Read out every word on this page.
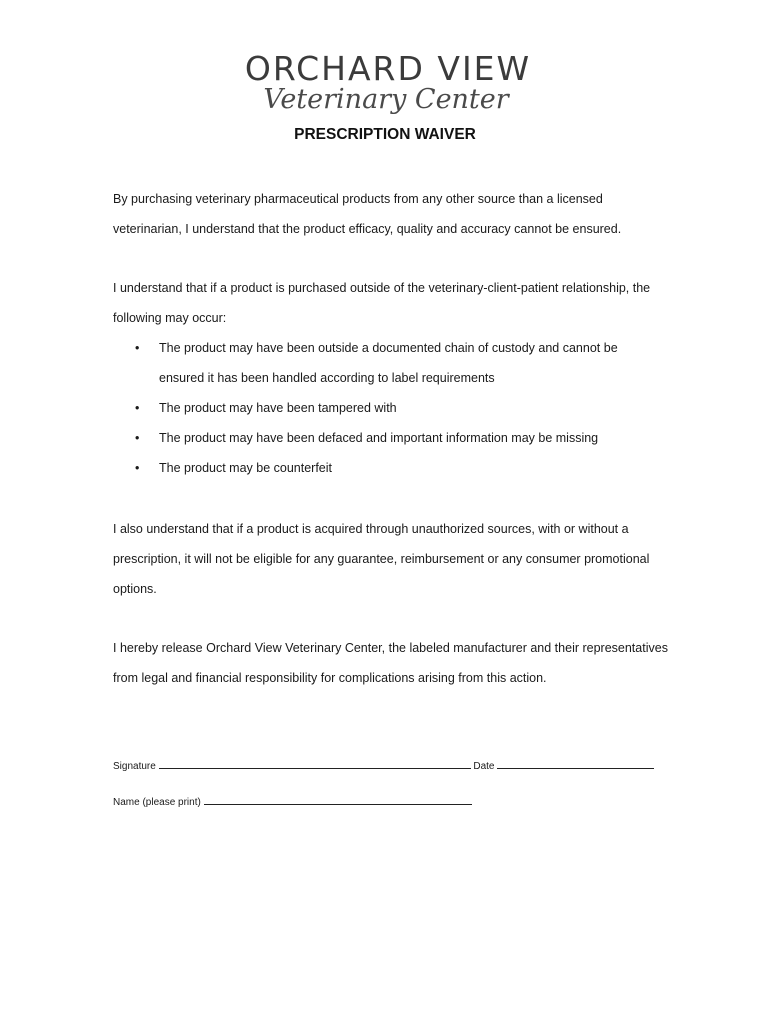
ORCHARD VIEW
Veterinary Center
PRESCRIPTION WAIVER

By purchasing veterinary pharmaceutical products from any other source than a licensed veterinarian, I understand that the product efficacy, quality and accuracy cannot be ensured.

I understand that if a product is purchased outside of the veterinary-client-patient relationship, the following may occur:

• The product may have been outside a documented chain of custody and cannot be ensured it has been handled according to label requirements
• The product may have been tampered with
• The product may have been defaced and important information may be missing
• The product may be counterfeit

I also understand that if a product is acquired through unauthorized sources, with or without a prescription, it will not be eligible for any guarantee, reimbursement or any consumer promotional options.

I hereby release Orchard View Veterinary Center, the labeled manufacturer and their representatives from legal and financial responsibility for complications arising from this action.

Signature	Date
Name (please print)
